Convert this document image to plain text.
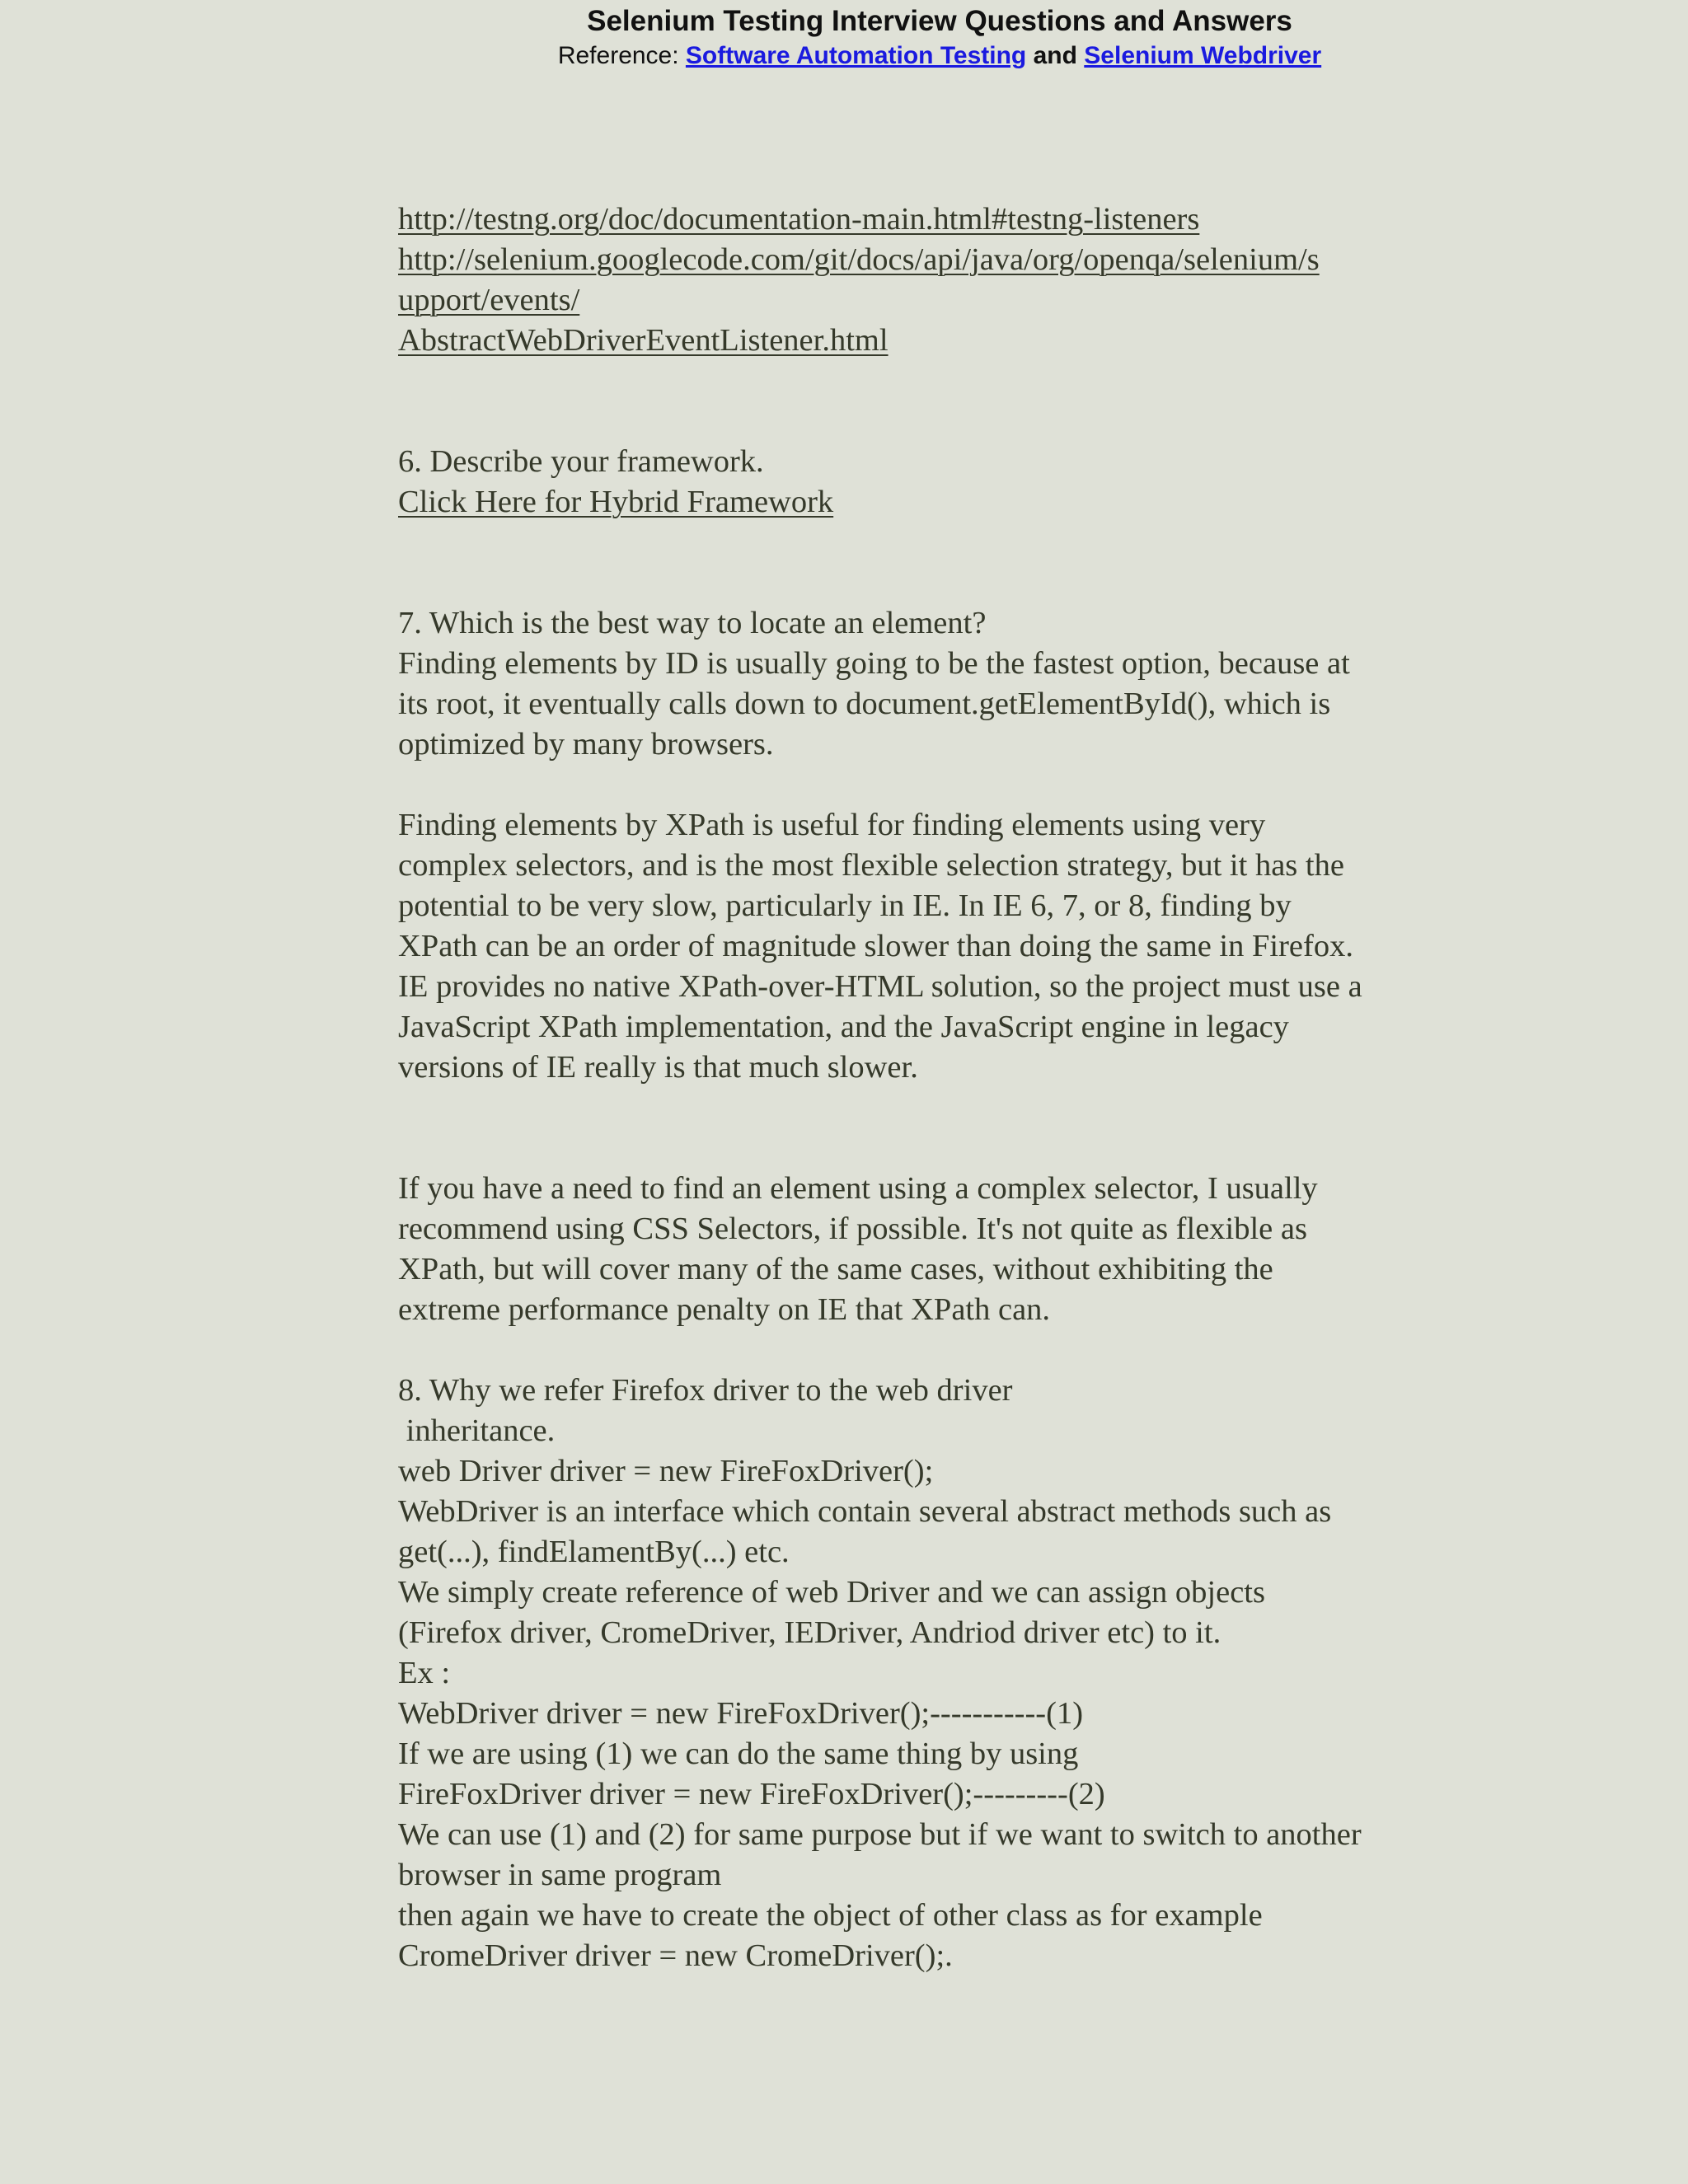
Selenium Testing Interview Questions and Answers
Reference: Software Automation Testing and Selenium Webdriver
http://testng.org/doc/documentation-main.html#testng-listeners
http://selenium.googlecode.com/git/docs/api/java/org/openqa/selenium/s
upport/events/
AbstractWebDriverEventListener.html
6. Describe your framework.
Click Here for Hybrid Framework
7. Which is the best way to locate an element?
Finding elements by ID is usually going to be the fastest option, because at
its root, it eventually calls down to document.getElementById(), which is
optimized by many browsers.
Finding elements by XPath is useful for finding elements using very
complex selectors, and is the most flexible selection strategy, but it has the
potential to be very slow, particularly in IE. In IE 6, 7, or 8, finding by
XPath can be an order of magnitude slower than doing the same in Firefox.
IE provides no native XPath-over-HTML solution, so the project must use a
JavaScript XPath implementation, and the JavaScript engine in legacy
versions of IE really is that much slower.
If you have a need to find an element using a complex selector, I usually
recommend using CSS Selectors, if possible. It's not quite as flexible as
XPath, but will cover many of the same cases, without exhibiting the
extreme performance penalty on IE that XPath can.
8. Why we refer Firefox driver to the web driver
inheritance.
web Driver driver = new FireFoxDriver();
WebDriver is an interface which contain several abstract methods such as
get(...), findElamentBy(...) etc.
We simply create reference of web Driver and we can assign objects
(Firefox driver, CromeDriver, IEDriver, Andriod driver etc) to it.
Ex :
WebDriver driver = new FireFoxDriver();-----------(1)
If we are using (1) we can do the same thing by using
FireFoxDriver driver = new FireFoxDriver();---------(2)
We can use (1) and (2) for same purpose but if we want to switch to another
browser in same program
then again we have to create the object of other class as for example
CromeDriver driver = new CromeDriver();.
